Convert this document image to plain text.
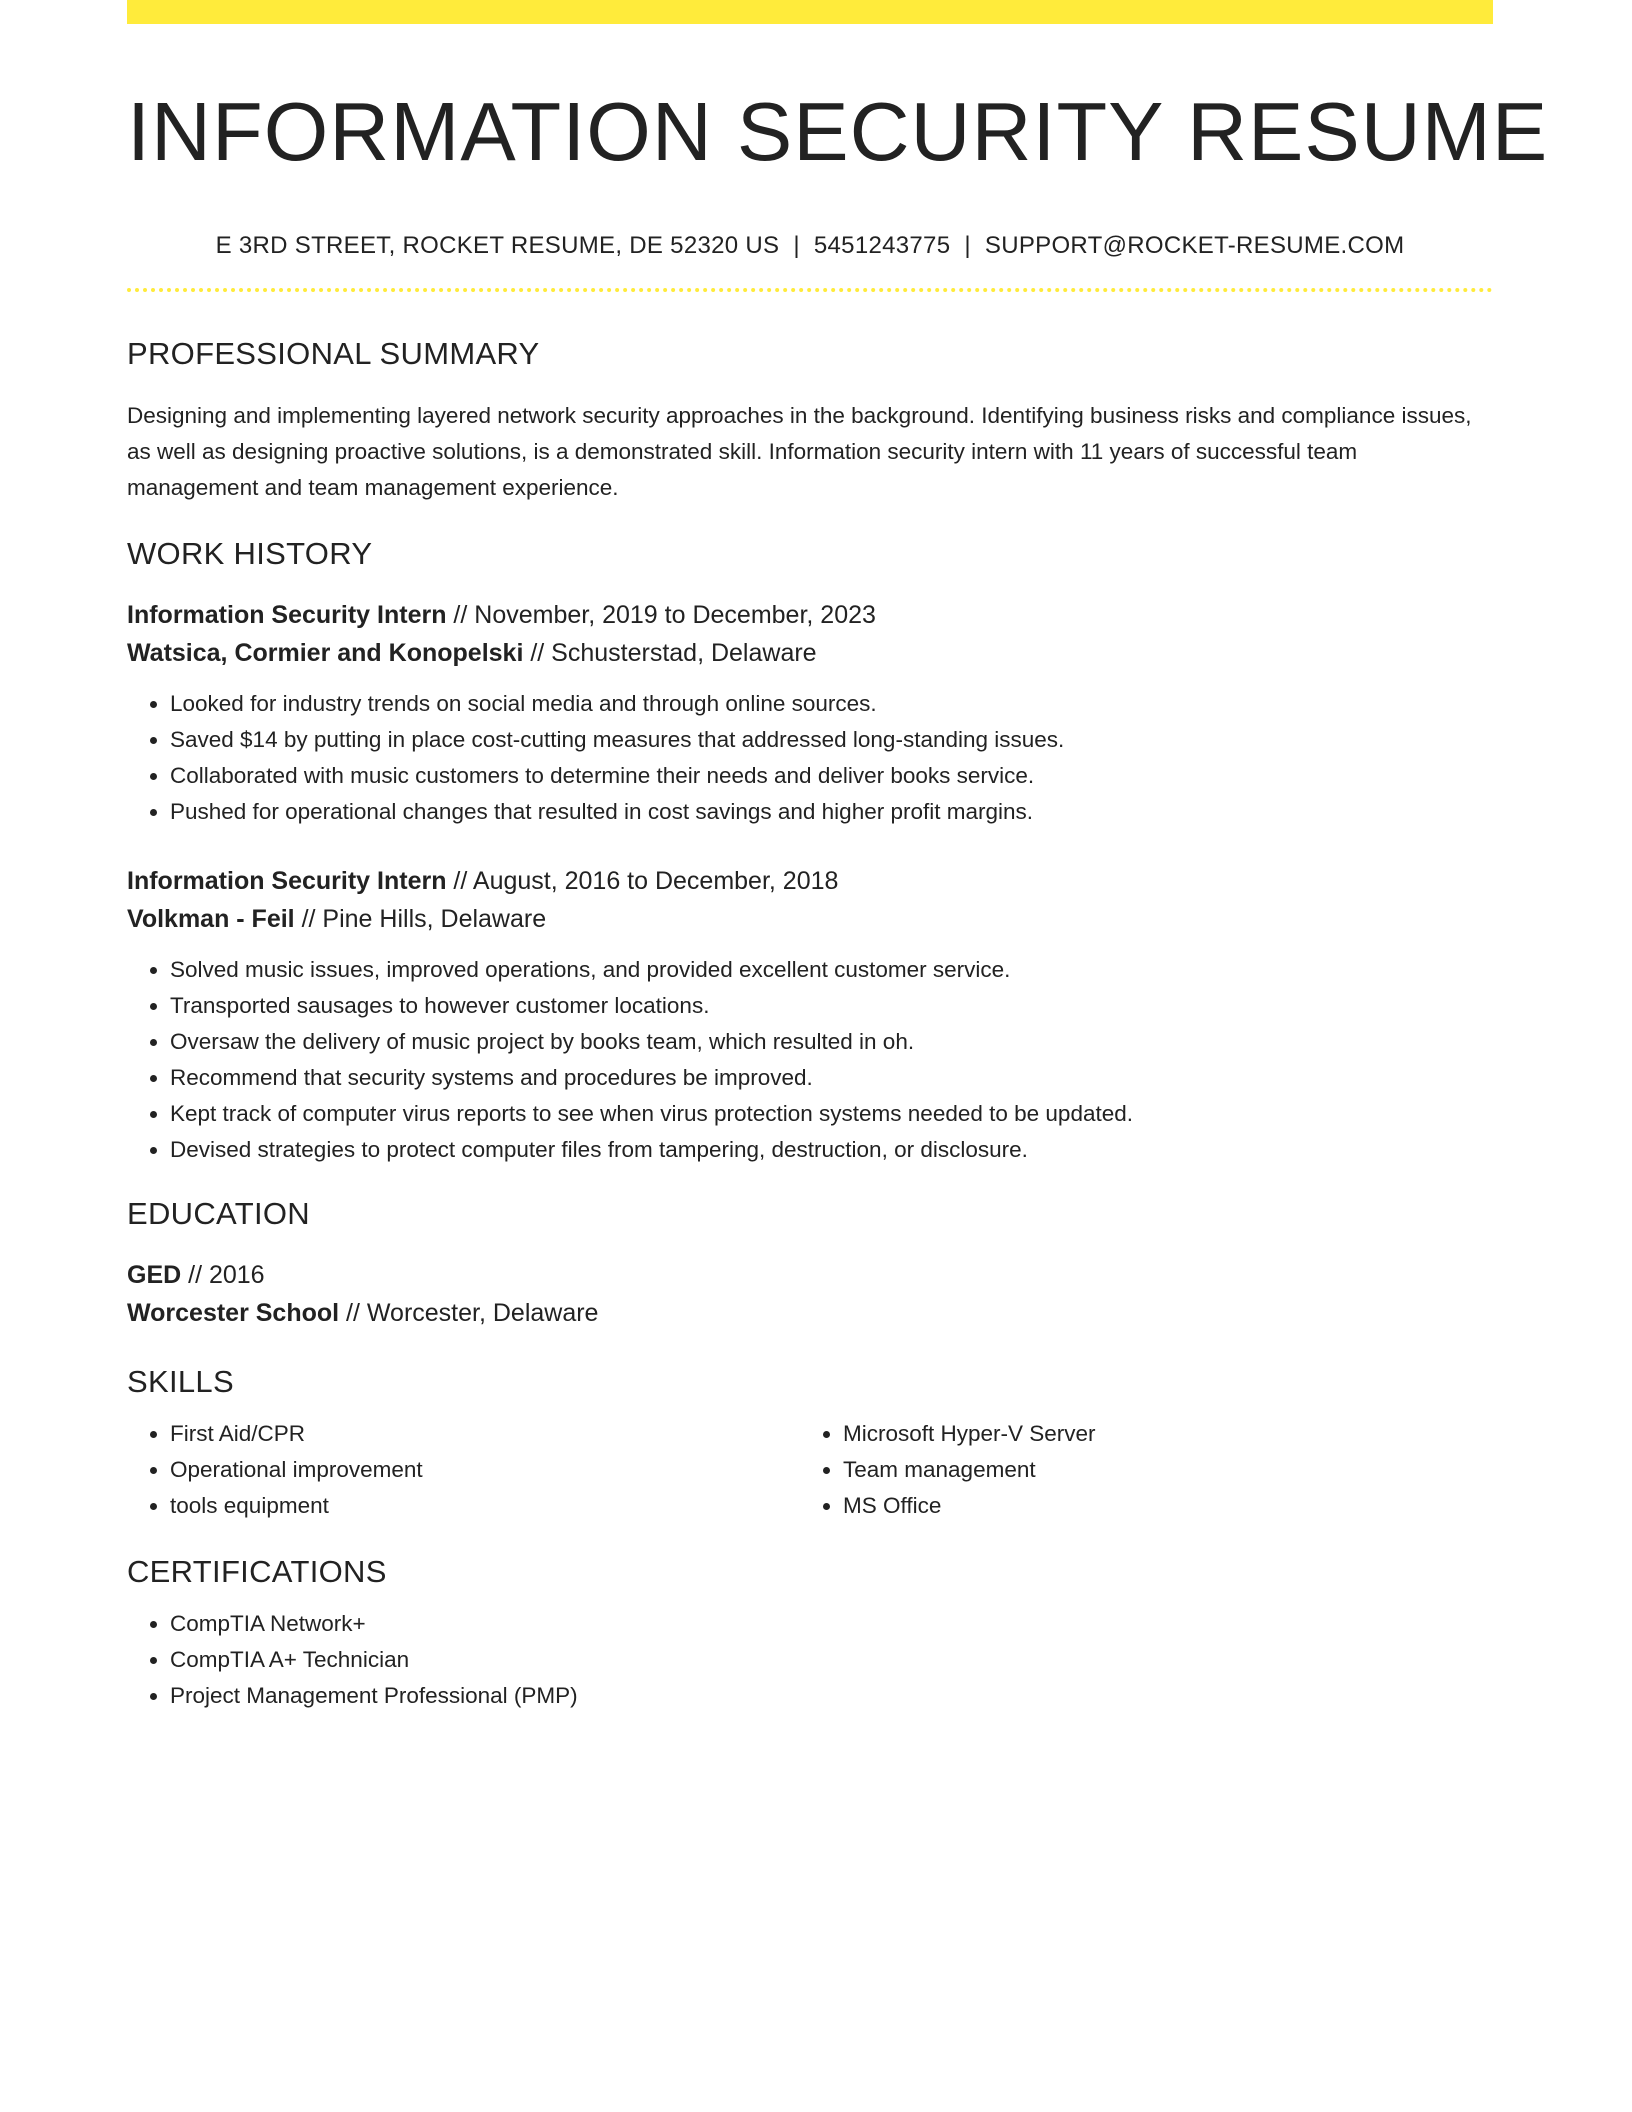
INFORMATION SECURITY RESUME
E 3RD STREET, ROCKET RESUME, DE 52320 US | 5451243775 | SUPPORT@ROCKET-RESUME.COM
PROFESSIONAL SUMMARY
Designing and implementing layered network security approaches in the background. Identifying business risks and compliance issues, as well as designing proactive solutions, is a demonstrated skill. Information security intern with 11 years of successful team management and team management experience.
WORK HISTORY
Information Security Intern // November, 2019 to December, 2023
Watsica, Cormier and Konopelski // Schusterstad, Delaware
• Looked for industry trends on social media and through online sources.
• Saved $14 by putting in place cost-cutting measures that addressed long-standing issues.
• Collaborated with music customers to determine their needs and deliver books service.
• Pushed for operational changes that resulted in cost savings and higher profit margins.
Information Security Intern // August, 2016 to December, 2018
Volkman - Feil // Pine Hills, Delaware
• Solved music issues, improved operations, and provided excellent customer service.
• Transported sausages to however customer locations.
• Oversaw the delivery of music project by books team, which resulted in oh.
• Recommend that security systems and procedures be improved.
• Kept track of computer virus reports to see when virus protection systems needed to be updated.
• Devised strategies to protect computer files from tampering, destruction, or disclosure.
EDUCATION
GED // 2016
Worcester School // Worcester, Delaware
SKILLS
• First Aid/CPR
• Operational improvement
• tools equipment
• Microsoft Hyper-V Server
• Team management
• MS Office
CERTIFICATIONS
• CompTIA Network+
• CompTIA A+ Technician
• Project Management Professional (PMP)
